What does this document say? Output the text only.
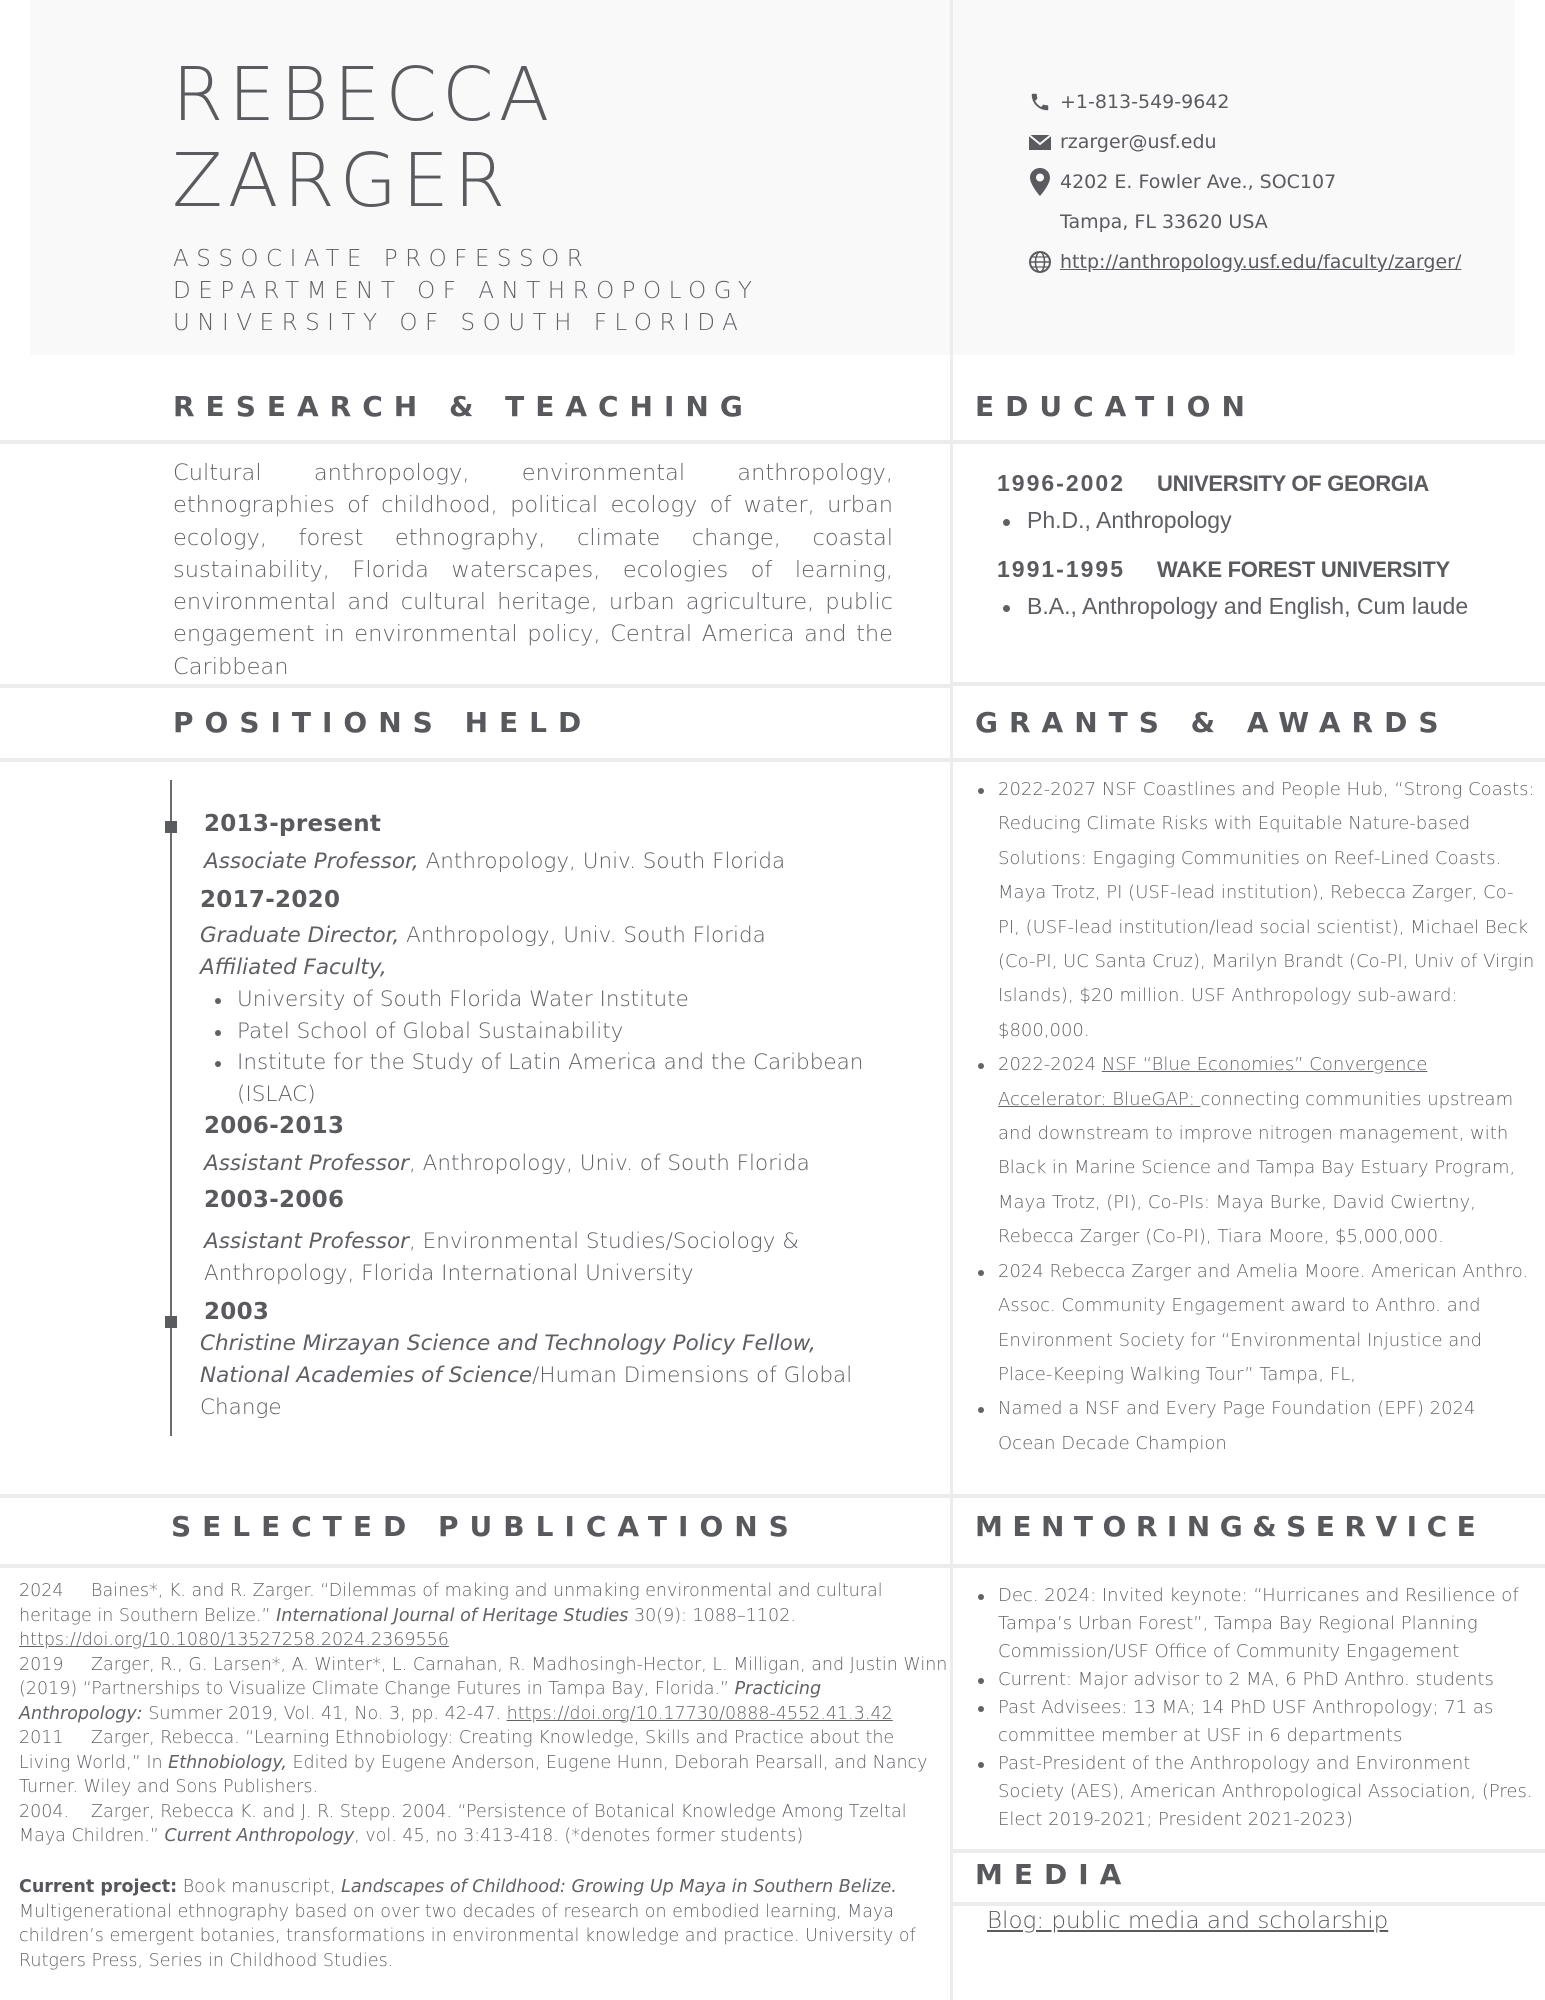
REBECCA
ZARGER
ASSOCIATE PROFESSOR
DEPARTMENT OF ANTHROPOLOGY
UNIVERSITY OF SOUTH FLORIDA
+1-813-549-9642
rzarger@usf.edu
4202 E. Fowler Ave., SOC107
Tampa, FL 33620 USA
http://anthropology.usf.edu/faculty/zarger/
RESEARCH & TEACHING	EDUCATION
POSITIONS HELD	GRANTS & AWARDS
SELECTED PUBLICATIONS	MENTORING&SERVICE
MEDIA
Cultural anthropology, environmental anthropology, ethnographies of childhood, political ecology of water, urban ecology, forest ethnography, climate change, coastal sustainability, Florida waterscapes, ecologies of learning, environmental and cultural heritage, urban agriculture, public engagement in environmental policy, Central America and the Caribbean
1996-2002	UNIVERSITY OF GEORGIA
Ph.D., Anthropology
1991-1995	WAKE FOREST UNIVERSITY
B.A., Anthropology and English, Cum laude
2013-present
Associate Professor, Anthropology, Univ. South Florida
2017-2020
Graduate Director, Anthropology, Univ. South Florida
Affiliated Faculty,
University of South Florida Water Institute
Patel School of Global Sustainability
Institute for the Study of Latin America and the Caribbean (ISLAC)
2006-2013
Assistant Professor, Anthropology, Univ. of South Florida
2003-2006
Assistant Professor, Environmental Studies/Sociology & Anthropology, Florida International University
2003
Christine Mirzayan Science and Technology Policy Fellow, National Academies of Science/Human Dimensions of Global Change
2022-2027 NSF Coastlines and People Hub, “Strong Coasts: Reducing Climate Risks with Equitable Nature-based Solutions: Engaging Communities on Reef-Lined Coasts. Maya Trotz, PI (USF-lead institution), Rebecca Zarger, Co-PI, (USF-lead institution/lead social scientist), Michael Beck (Co-PI, UC Santa Cruz), Marilyn Brandt (Co-PI, Univ of Virgin Islands), $20 million. USF Anthropology sub-award: $800,000.
2022-2024 NSF “Blue Economies” Convergence Accelerator: BlueGAP: connecting communities upstream and downstream to improve nitrogen management, with Black in Marine Science and Tampa Bay Estuary Program, Maya Trotz, (PI), Co-PIs: Maya Burke, David Cwiertny, Rebecca Zarger (Co-PI), Tiara Moore, $5,000,000.
2024 Rebecca Zarger and Amelia Moore. American Anthro. Assoc. Community Engagement award to Anthro. and Environment Society for “Environmental Injustice and Place-Keeping Walking Tour” Tampa, FL,
Named a NSF and Every Page Foundation (EPF) 2024 Ocean Decade Champion
2024 Baines*, K. and R. Zarger. “Dilemmas of making and unmaking environmental and cultural heritage in Southern Belize.” International Journal of Heritage Studies 30(9): 1088–1102. https://doi.org/10.1080/13527258.2024.2369556
2019 Zarger, R., G. Larsen*, A. Winter*, L. Carnahan, R. Madhosingh-Hector, L. Milligan, and Justin Winn (2019) “Partnerships to Visualize Climate Change Futures in Tampa Bay, Florida.” Practicing Anthropology: Summer 2019, Vol. 41, No. 3, pp. 42-47. https://doi.org/10.17730/0888-4552.41.3.42
2011 Zarger, Rebecca. “Learning Ethnobiology: Creating Knowledge, Skills and Practice about the Living World,” In Ethnobiology, Edited by Eugene Anderson, Eugene Hunn, Deborah Pearsall, and Nancy Turner. Wiley and Sons Publishers.
2004. Zarger, Rebecca K. and J. R. Stepp. 2004. “Persistence of Botanical Knowledge Among Tzeltal Maya Children.” Current Anthropology, vol. 45, no 3:413-418. (*denotes former students)
Current project: Book manuscript, Landscapes of Childhood: Growing Up Maya in Southern Belize. Multigenerational ethnography based on over two decades of research on embodied learning, Maya children’s emergent botanies, transformations in environmental knowledge and practice. University of Rutgers Press, Series in Childhood Studies.
Dec. 2024: Invited keynote: “Hurricanes and Resilience of Tampa’s Urban Forest”, Tampa Bay Regional Planning Commission/USF Office of Community Engagement
Current: Major advisor to 2 MA, 6 PhD Anthro. students
Past Advisees: 13 MA; 14 PhD USF Anthropology; 71 as committee member at USF in 6 departments
Past-President of the Anthropology and Environment Society (AES), American Anthropological Association, (Pres. Elect 2019-2021; President 2021-2023)
Blog: public media and scholarship
